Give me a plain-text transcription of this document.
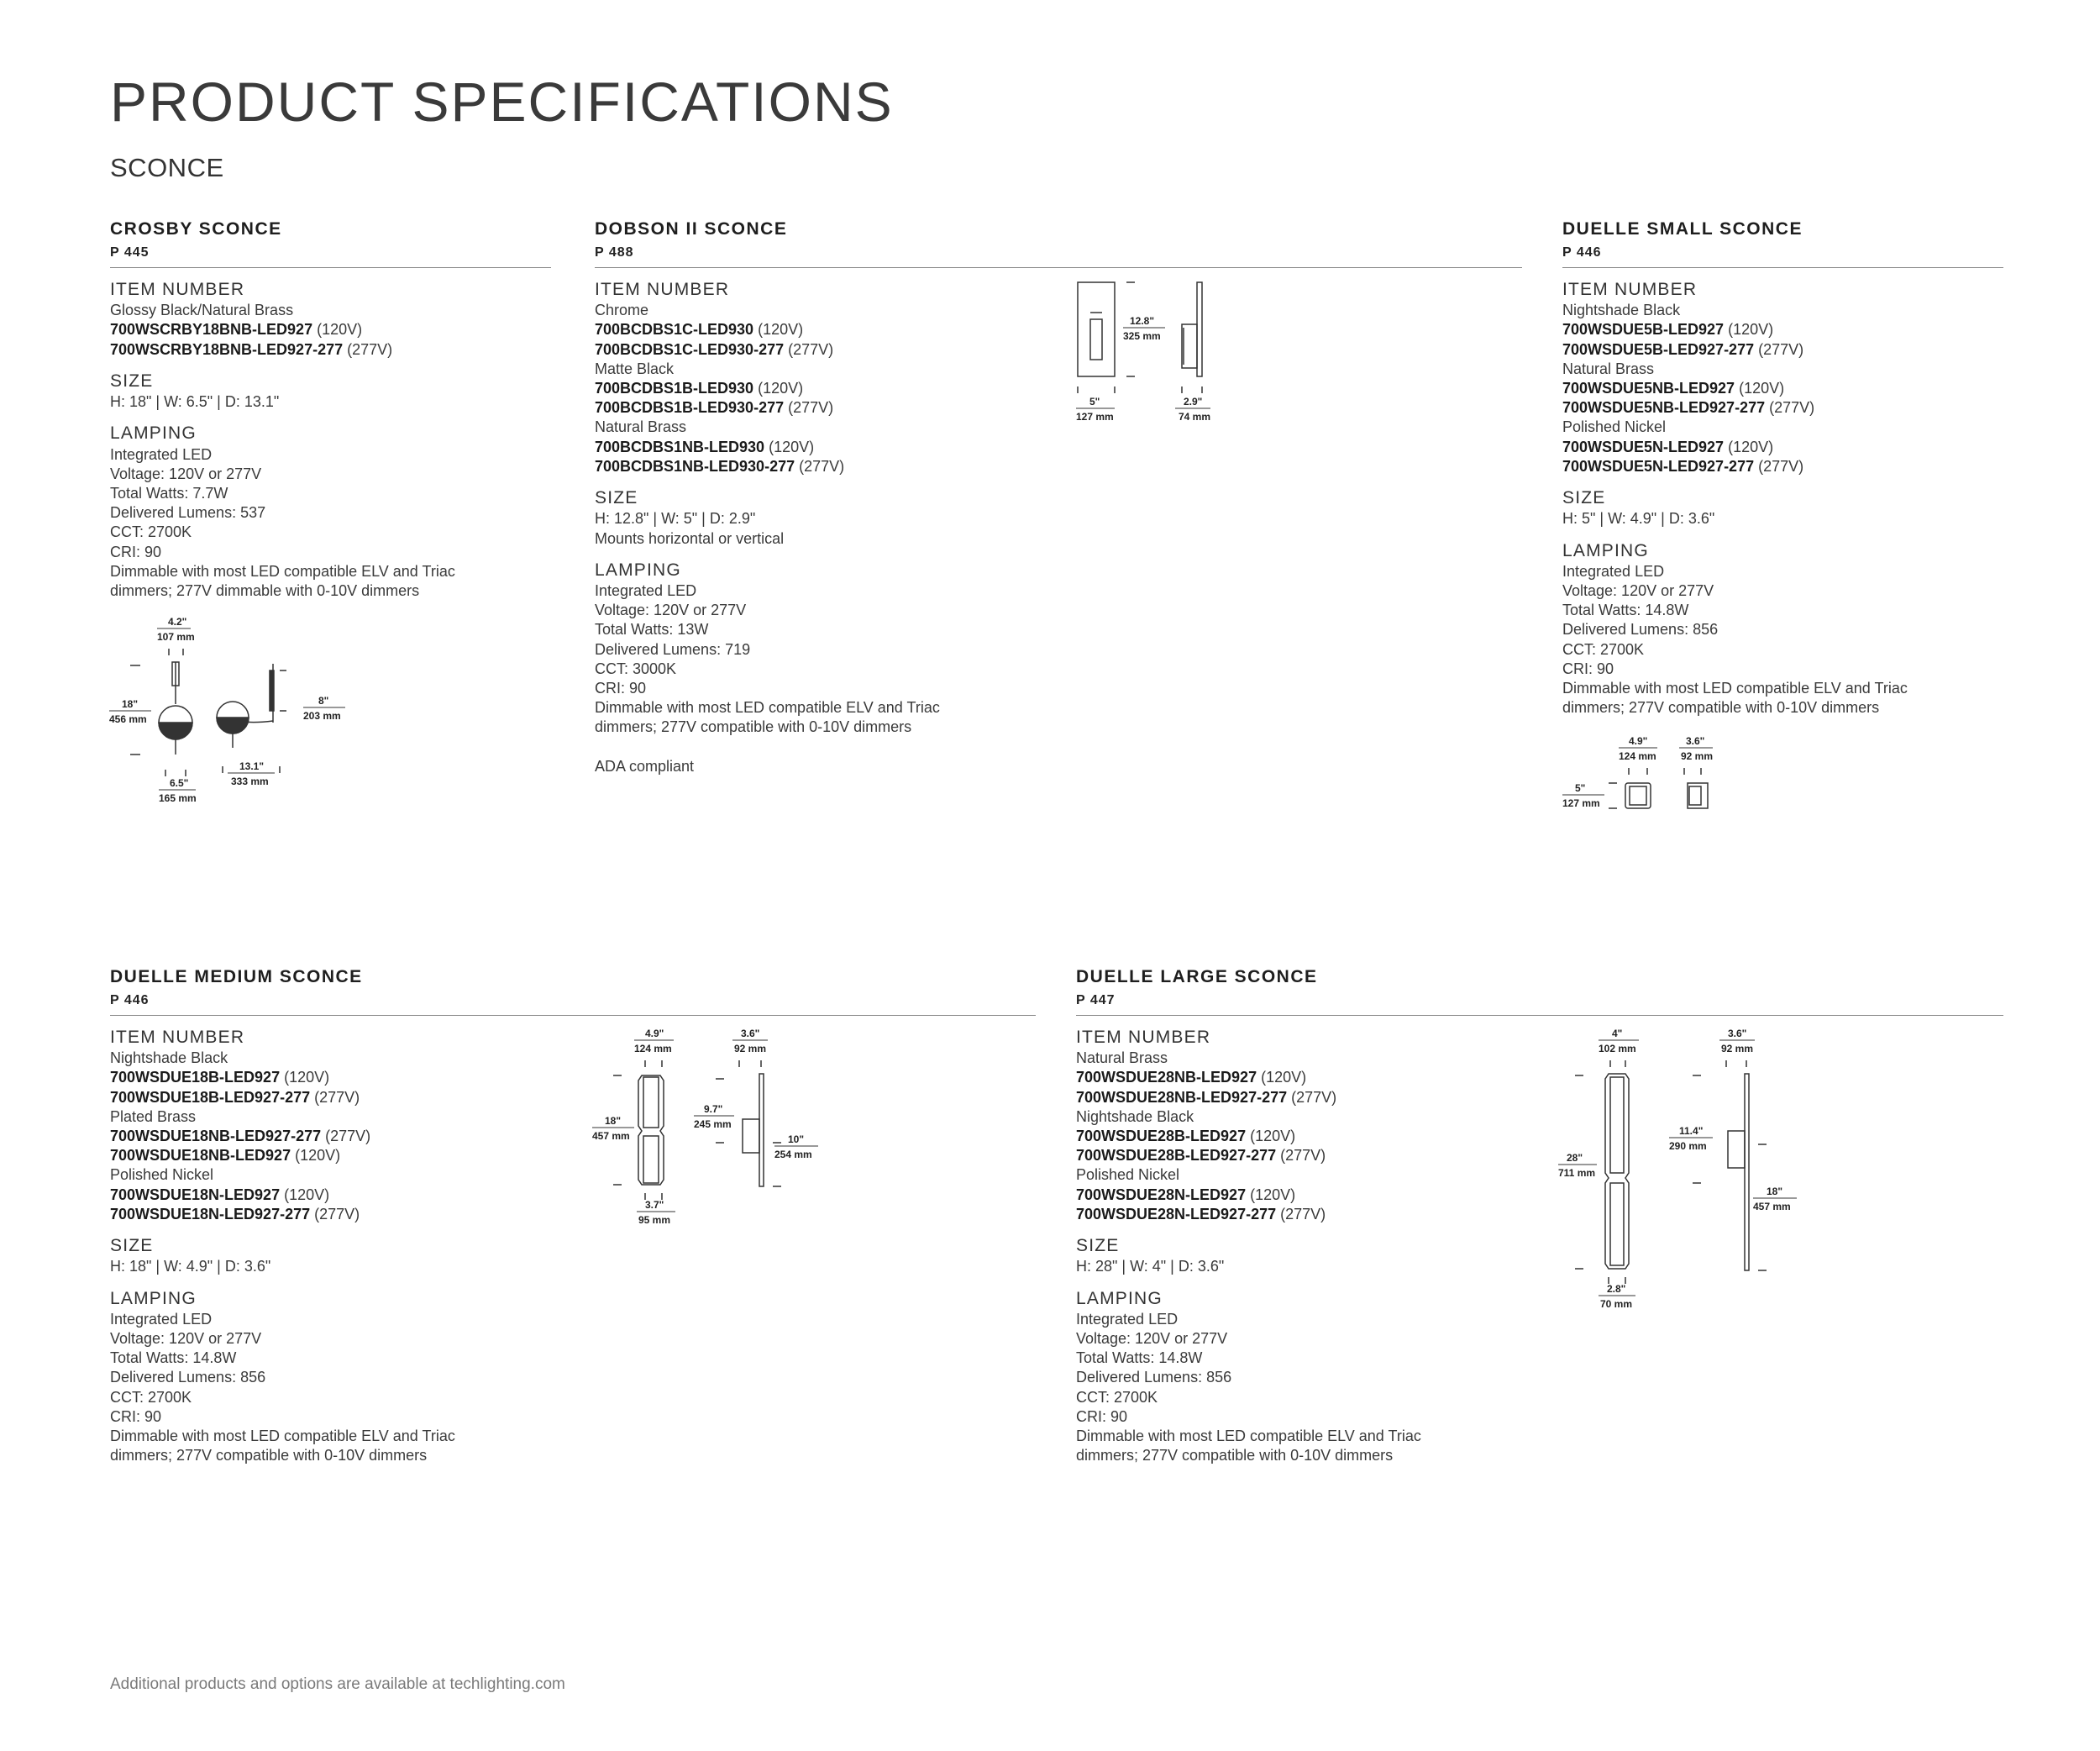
PRODUCT SPECIFICATIONS
SCONCE
CROSBY SCONCE
P 445
ITEM NUMBER
Glossy Black/Natural Brass
700WSCRBY18BNB-LED927 (120V)
700WSCRBY18BNB-LED927-277 (277V)
SIZE
H: 18" | W: 6.5" | D: 13.1"
LAMPING
Integrated LED
Voltage: 120V or 277V
Total Watts: 7.7W
Delivered Lumens: 537
CCT: 2700K
CRI: 90
Dimmable with most LED compatible ELV and Triac
dimmers; 277V dimmable with 0-10V dimmers
4.2"
107 mm
18"
456 mm
6.5"
165 mm
8"
203 mm
13.1"
333 mm
DOBSON II SCONCE
P 488
ITEM NUMBER
Chrome
700BCDBS1C-LED930 (120V)
700BCDBS1C-LED930-277 (277V)
Matte Black
700BCDBS1B-LED930 (120V)
700BCDBS1B-LED930-277 (277V)
Natural Brass
700BCDBS1NB-LED930 (120V)
700BCDBS1NB-LED930-277 (277V)
SIZE
H: 12.8" | W: 5" | D: 2.9"
Mounts horizontal or vertical
LAMPING
Integrated LED
Voltage: 120V or 277V
Total Watts: 13W
Delivered Lumens: 719
CCT: 3000K
CRI: 90
Dimmable with most LED compatible ELV and Triac
dimmers; 277V compatible with 0-10V dimmers
ADA compliant
12.8"
325 mm
5"
127 mm
2.9"
74 mm
DUELLE SMALL SCONCE
P 446
ITEM NUMBER
Nightshade Black
700WSDUE5B-LED927 (120V)
700WSDUE5B-LED927-277 (277V)
Natural Brass
700WSDUE5NB-LED927 (120V)
700WSDUE5NB-LED927-277 (277V)
Polished Nickel
700WSDUE5N-LED927 (120V)
700WSDUE5N-LED927-277 (277V)
SIZE
H: 5" | W: 4.9" | D: 3.6"
LAMPING
Integrated LED
Voltage: 120V or 277V
Total Watts: 14.8W
Delivered Lumens: 856
CCT: 2700K
CRI: 90
Dimmable with most LED compatible ELV and Triac
dimmers; 277V compatible with 0-10V dimmers
4.9"
124 mm
3.6"
92 mm
5"
127 mm
DUELLE MEDIUM SCONCE
P 446
ITEM NUMBER
Nightshade Black
700WSDUE18B-LED927 (120V)
700WSDUE18B-LED927-277 (277V)
Plated Brass
700WSDUE18NB-LED927-277 (277V)
700WSDUE18NB-LED927 (120V)
Polished Nickel
700WSDUE18N-LED927 (120V)
700WSDUE18N-LED927-277 (277V)
SIZE
H: 18" | W: 4.9" | D: 3.6"
LAMPING
Integrated LED
Voltage: 120V or 277V
Total Watts: 14.8W
Delivered Lumens: 856
CCT: 2700K
CRI: 90
Dimmable with most LED compatible ELV and Triac
dimmers; 277V compatible with 0-10V dimmers
4.9"
124 mm
3.6"
92 mm
18"
457 mm
9.7"
245 mm
10"
254 mm
3.7"
95 mm
DUELLE LARGE SCONCE
P 447
ITEM NUMBER
Natural Brass
700WSDUE28NB-LED927 (120V)
700WSDUE28NB-LED927-277 (277V)
Nightshade Black
700WSDUE28B-LED927 (120V)
700WSDUE28B-LED927-277 (277V)
Polished Nickel
700WSDUE28N-LED927 (120V)
700WSDUE28N-LED927-277 (277V)
SIZE
H: 28" | W: 4" | D: 3.6"
LAMPING
Integrated LED
Voltage: 120V or 277V
Total Watts: 14.8W
Delivered Lumens: 856
CCT: 2700K
CRI: 90
Dimmable with most LED compatible ELV and Triac
dimmers; 277V compatible with 0-10V dimmers
4"
102 mm
3.6"
92 mm
28"
711 mm
11.4"
290 mm
18"
457 mm
2.8"
70 mm
Additional products and options are available at techlighting.com
